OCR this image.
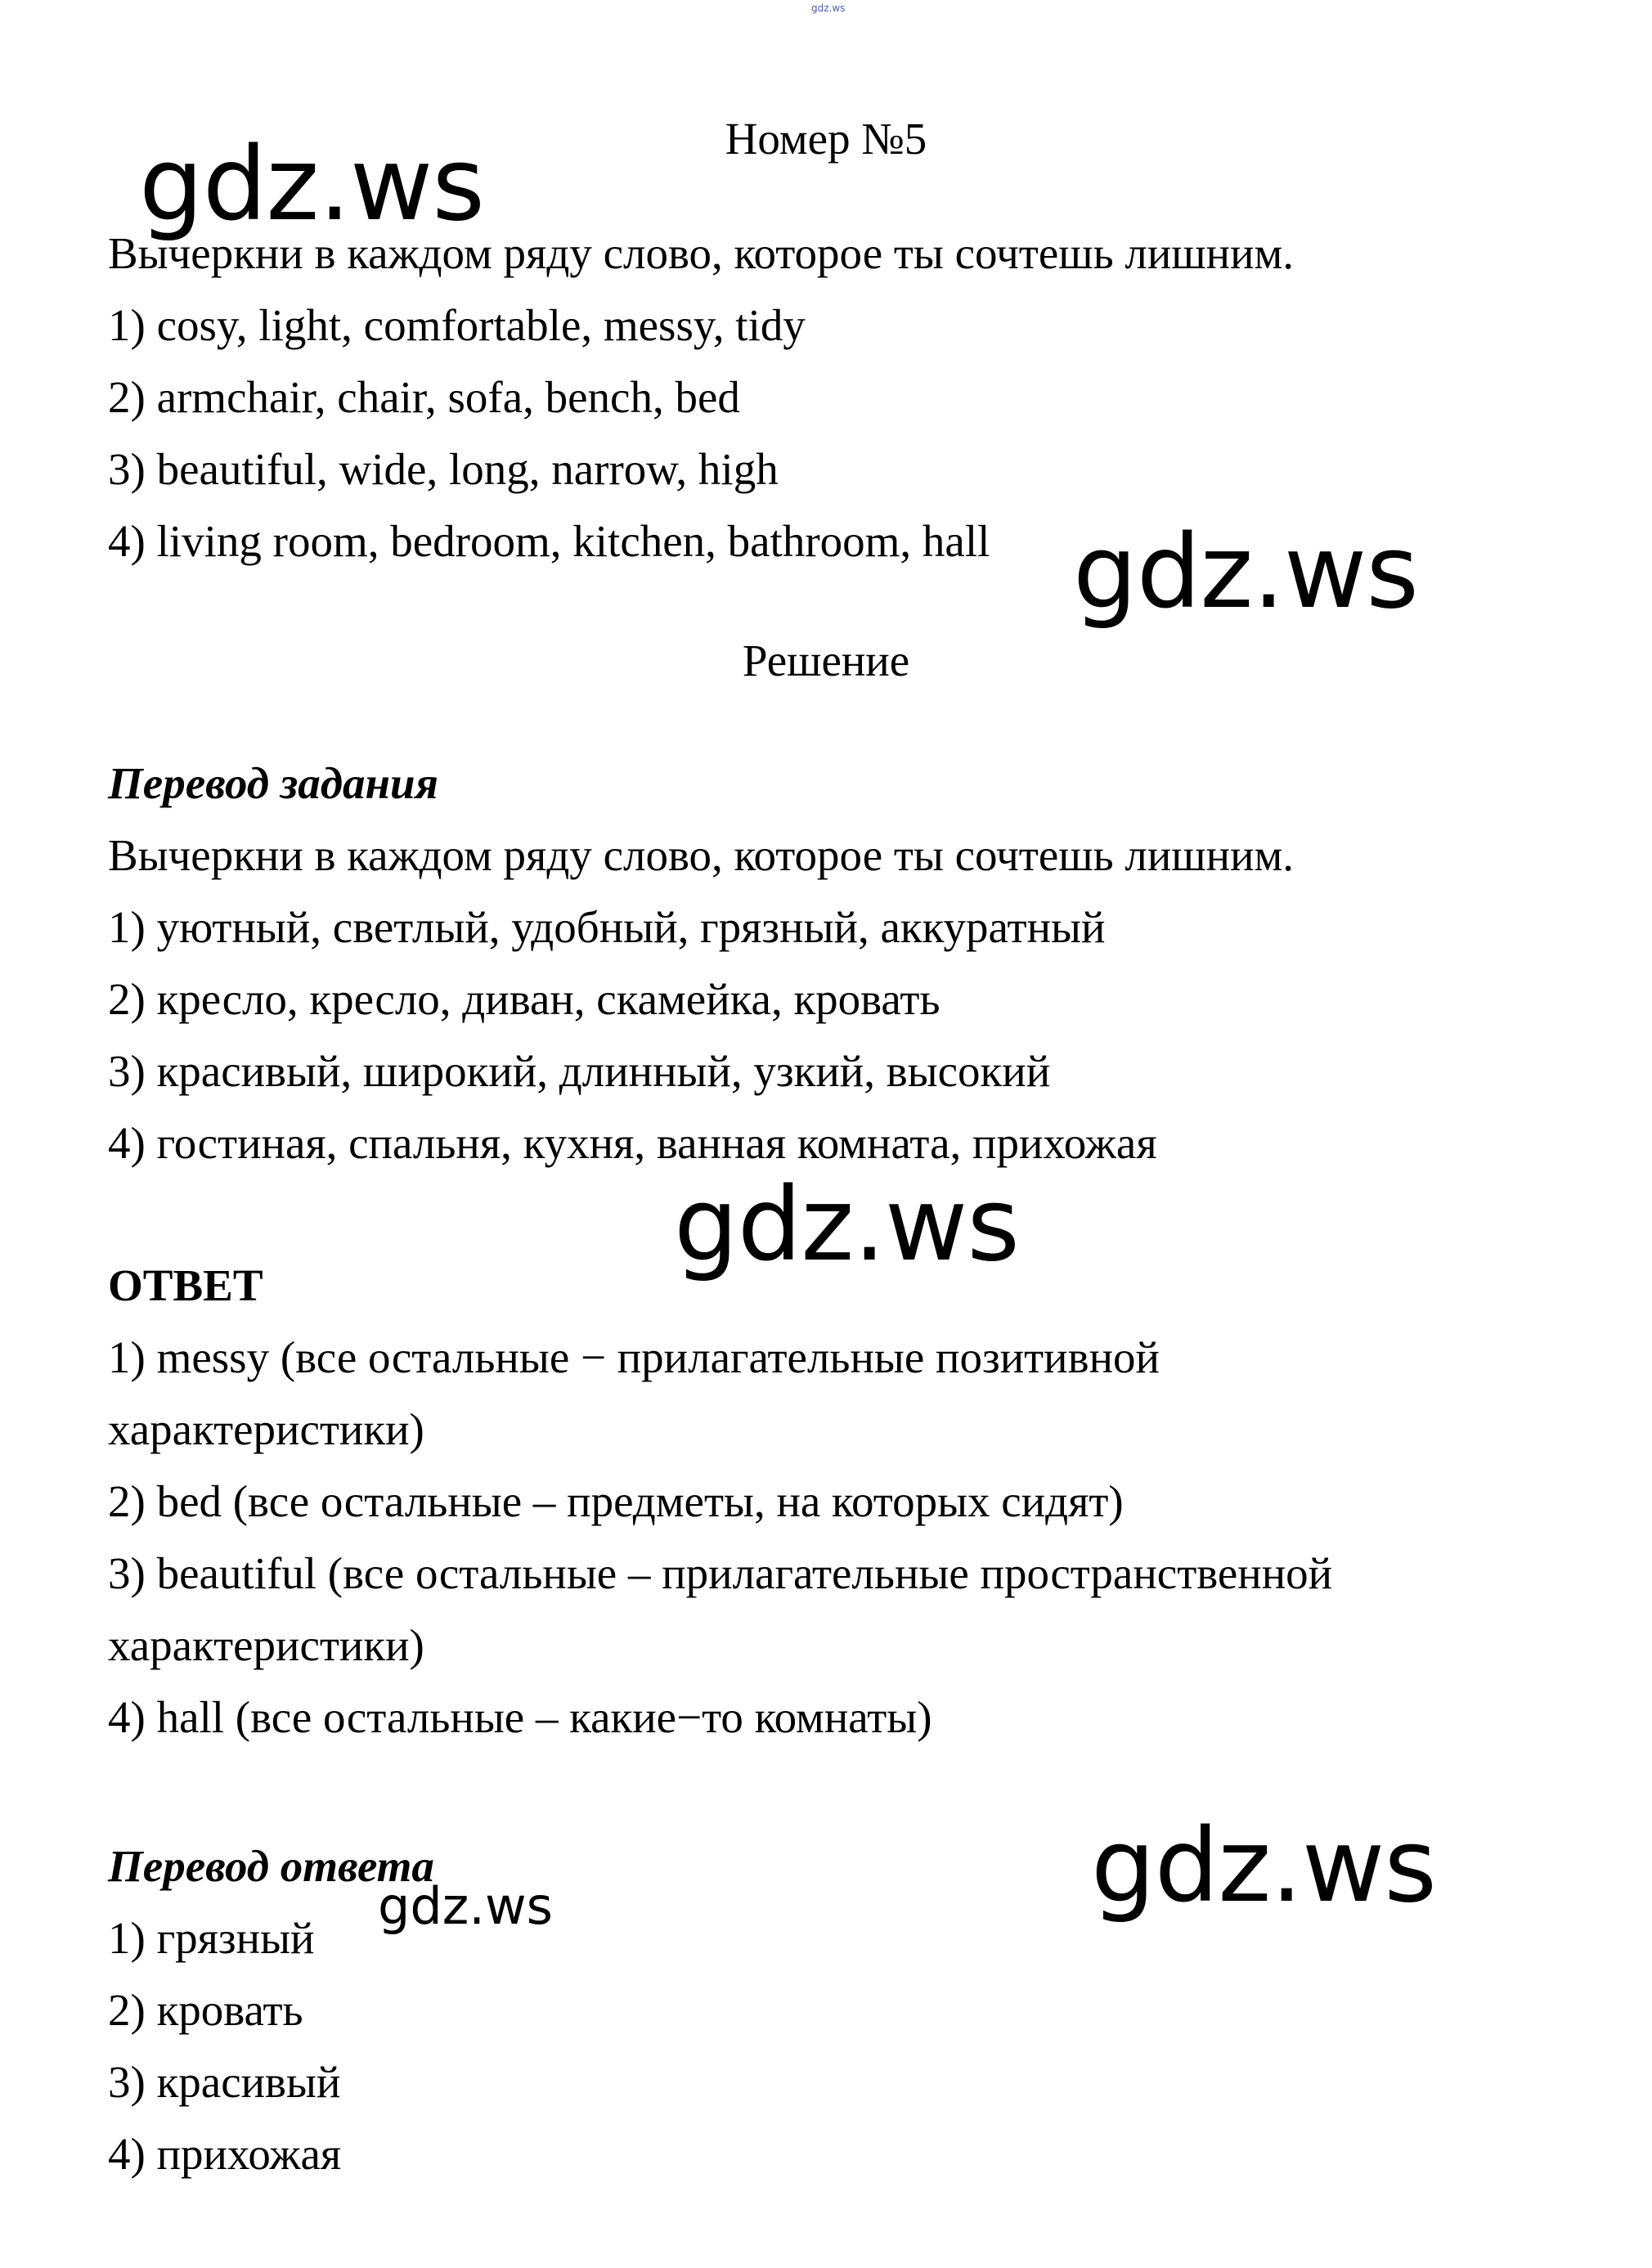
gdz.ws
Номер №5
gdz.ws
Вычеркни в каждом ряду слово, которое ты сочтешь лишним.
1) cosy, light, comfortable, messy, tidy
2) armchair, chair, sofa, bench, bed
3) beautiful, wide, long, narrow, high
4) living room, bedroom, kitchen, bathroom, hall gdz.ws
Решение
Перевод задания
Вычеркни в каждом ряду слово, которое ты сочтешь лишним.
1) уютный, светлый, удобный, грязный, аккуратный
2) кресло, кресло, диван, скамейка, кровать
3) красивый, широкий, длинный, узкий, высокий
4) гостиная, спальня, кухня, ванная комната, прихожая
gdz.ws
ОТВЕТ
1) messy (все остальные − прилагательные позитивной
характеристики)
2) bed (все остальные – предметы, на которых сидят)
3) beautiful (все остальные – прилагательные пространственной
характеристики)
4) hall (все остальные – какие−то комнаты)
Перевод ответа
gdz.ws	gdz.ws
1) грязный
2) кровать
3) красивый
4) прихожая
